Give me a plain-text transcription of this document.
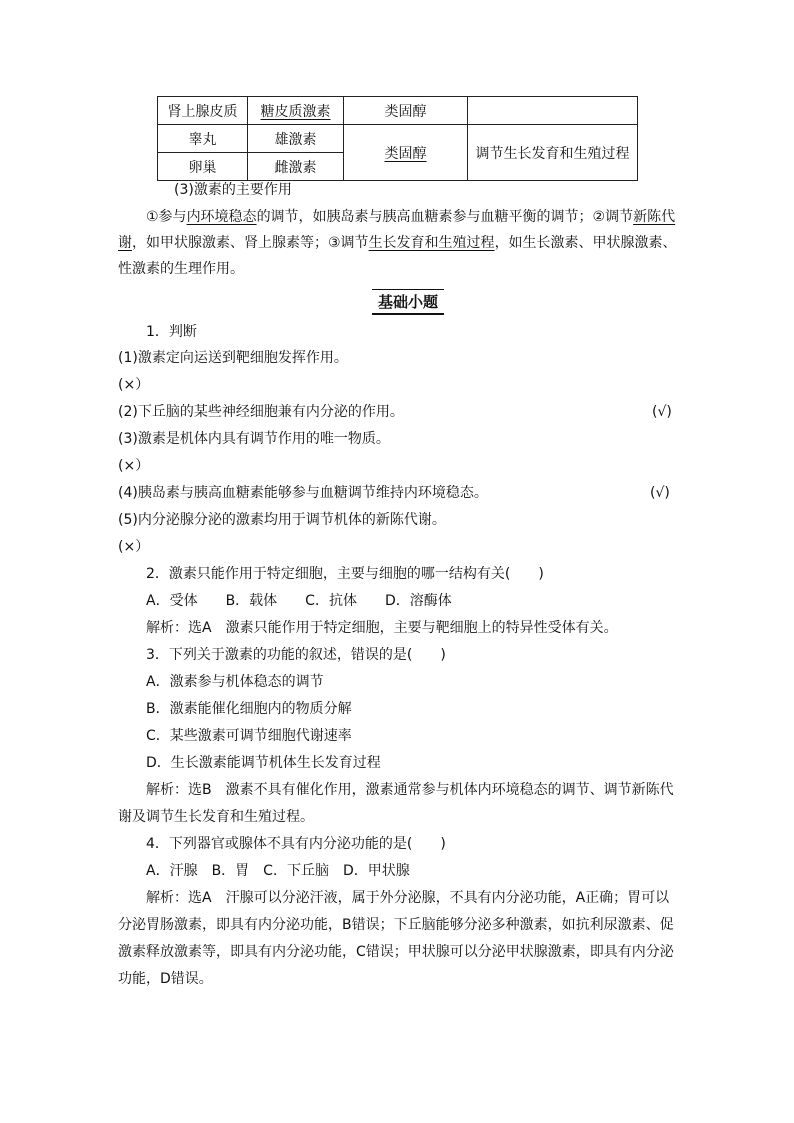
肾上腺皮质	糖皮质激素	类固醇	
睾丸	雄激素	类固醇	调节生长发育和生殖过程
卵巢	雌激素		
(3)激素的主要作用
①参与内环境稳态的调节，如胰岛素与胰高血糖素参与血糖平衡的调节；②调节新陈代
谢，如甲状腺激素、肾上腺素等；③调节生长发育和生殖过程，如生长激素、甲状腺激素、
性激素的生理作用。
基础小题
1．判断
(1)激素定向运送到靶细胞发挥作用。
(×）
(2)下丘脑的某些神经细胞兼有内分泌的作用。	(√)
(3)激素是机体内具有调节作用的唯一物质。
(×）
(4)胰岛素与胰高血糖素能够参与血糖调节维持内环境稳态。	(√)
(5)内分泌腺分泌的激素均用于调节机体的新陈代谢。
(×）
2．激素只能作用于特定细胞，主要与细胞的哪一结构有关(　　)
A．受体　　B．载体　　C．抗体　　D．溶酶体
解析：选A　激素只能作用于特定细胞，主要与靶细胞上的特异性受体有关。
3．下列关于激素的功能的叙述，错误的是(　　)
A．激素参与机体稳态的调节
B．激素能催化细胞内的物质分解
C．某些激素可调节细胞代谢速率
D．生长激素能调节机体生长发育过程
解析：选B　激素不具有催化作用，激素通常参与机体内环境稳态的调节、调节新陈代
谢及调节生长发育和生殖过程。
4．下列器官或腺体不具有内分泌功能的是(　　)
A．汗腺　B．胃　C．下丘脑　D．甲状腺
解析：选A　汗腺可以分泌汗液，属于外分泌腺，不具有内分泌功能，A正确；胃可以
分泌胃肠激素，即具有内分泌功能，B错误；下丘脑能够分泌多种激素，如抗利尿激素、促
激素释放激素等，即具有内分泌功能，C错误；甲状腺可以分泌甲状腺激素，即具有内分泌
功能，D错误。
